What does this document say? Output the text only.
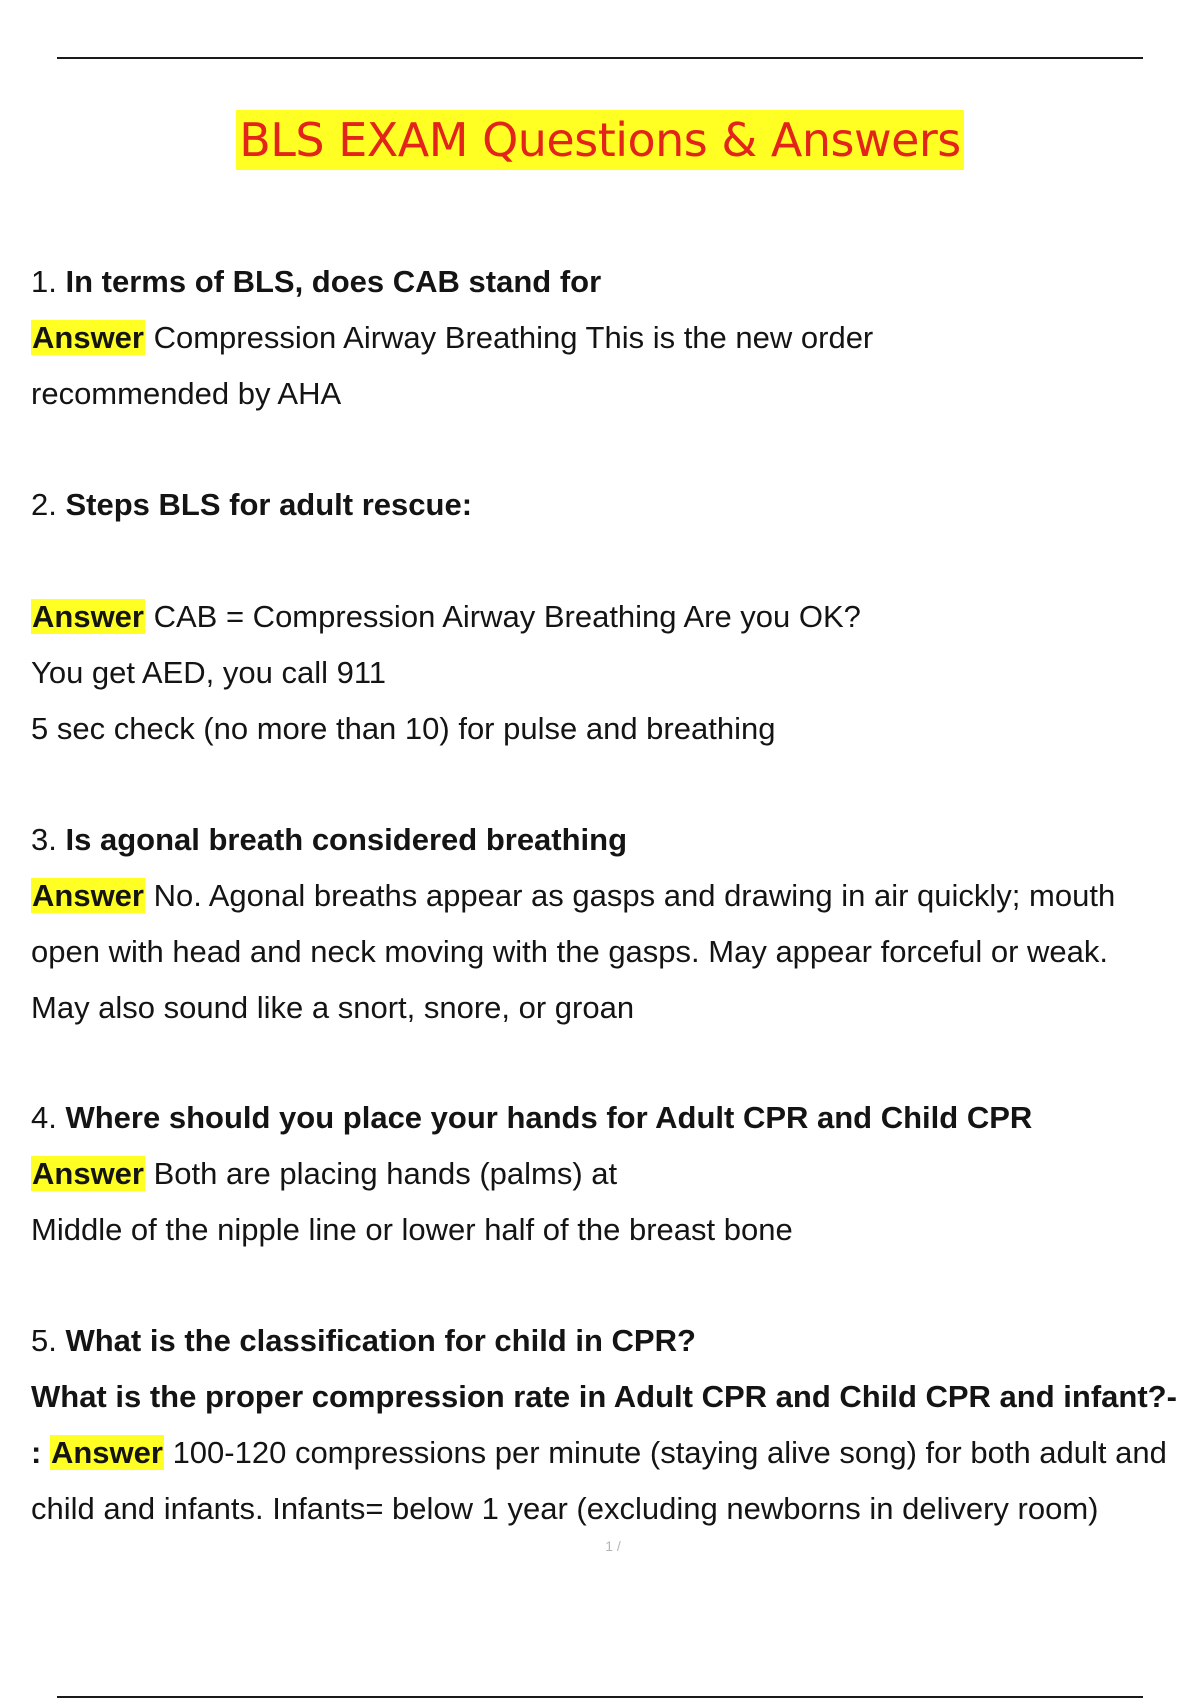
BLS EXAM Questions & Answers
1. In terms of BLS, does CAB stand for
Answer Compression Airway Breathing This is the new order
recommended by AHA
2. Steps BLS for adult rescue:
Answer CAB = Compression Airway Breathing Are you OK?
You get AED, you call 911
5 sec check (no more than 10) for pulse and breathing
3. Is agonal breath considered breathing
Answer No. Agonal breaths appear as gasps and drawing in air quickly; mouth
open with head and neck moving with the gasps. May appear forceful or weak.
May also sound like a snort, snore, or groan
4. Where should you place your hands for Adult CPR and Child CPR
Answer Both are placing hands (palms) at
Middle of the nipple line or lower half of the breast bone
5. What is the classification for child in CPR?
What is the proper compression rate in Adult CPR and Child CPR and infant?-
: Answer 100-120 compressions per minute (staying alive song) for both adult and
child and infants. Infants= below 1 year (excluding newborns in delivery room)
1 /
